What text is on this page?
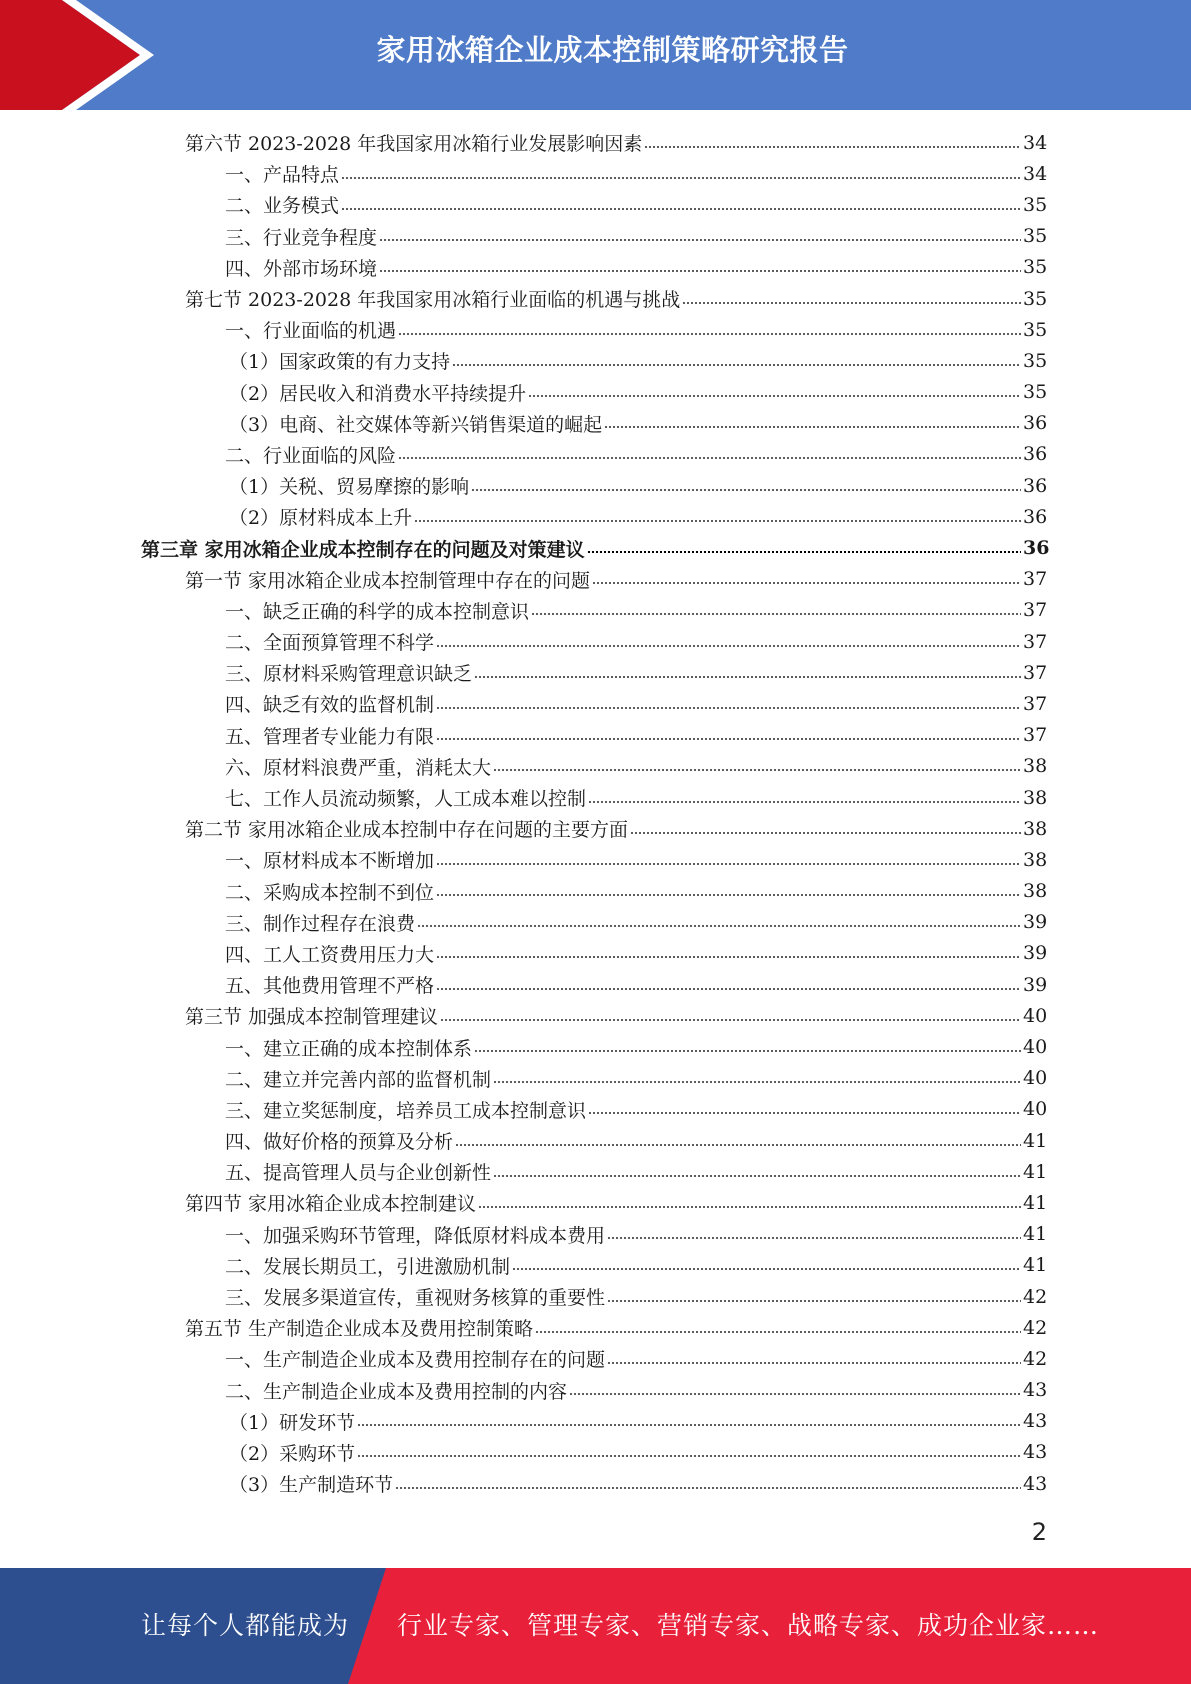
家用冰箱企业成本控制策略研究报告
第六节 2023-2028 年我国家用冰箱行业发展影响因素	34
一、产品特点	34
二、业务模式	35
三、行业竞争程度	35
四、外部市场环境	35
第七节 2023-2028 年我国家用冰箱行业面临的机遇与挑战	35
一、行业面临的机遇	35
（1）国家政策的有力支持	35
（2）居民收入和消费水平持续提升	35
（3）电商、社交媒体等新兴销售渠道的崛起	36
二、行业面临的风险	36
（1）关税、贸易摩擦的影响	36
（2）原材料成本上升	36
第三章 家用冰箱企业成本控制存在的问题及对策建议	36
第一节 家用冰箱企业成本控制管理中存在的问题	37
一、缺乏正确的科学的成本控制意识	37
二、全面预算管理不科学	37
三、原材料采购管理意识缺乏	37
四、缺乏有效的监督机制	37
五、管理者专业能力有限	37
六、原材料浪费严重，消耗太大	38
七、工作人员流动频繁，人工成本难以控制	38
第二节 家用冰箱企业成本控制中存在问题的主要方面	38
一、原材料成本不断增加	38
二、采购成本控制不到位	38
三、制作过程存在浪费	39
四、工人工资费用压力大	39
五、其他费用管理不严格	39
第三节 加强成本控制管理建议	40
一、建立正确的成本控制体系	40
二、建立并完善内部的监督机制	40
三、建立奖惩制度，培养员工成本控制意识	40
四、做好价格的预算及分析	41
五、提高管理人员与企业创新性	41
第四节 家用冰箱企业成本控制建议	41
一、加强采购环节管理，降低原材料成本费用	41
二、发展长期员工，引进激励机制	41
三、发展多渠道宣传，重视财务核算的重要性	42
第五节 生产制造企业成本及费用控制策略	42
一、生产制造企业成本及费用控制存在的问题	42
二、生产制造企业成本及费用控制的内容	43
（1）研发环节	43
（2）采购环节	43
（3）生产制造环节	43
2
让每个人都能成为 行业专家、管理专家、营销专家、战略专家、成功企业家……
